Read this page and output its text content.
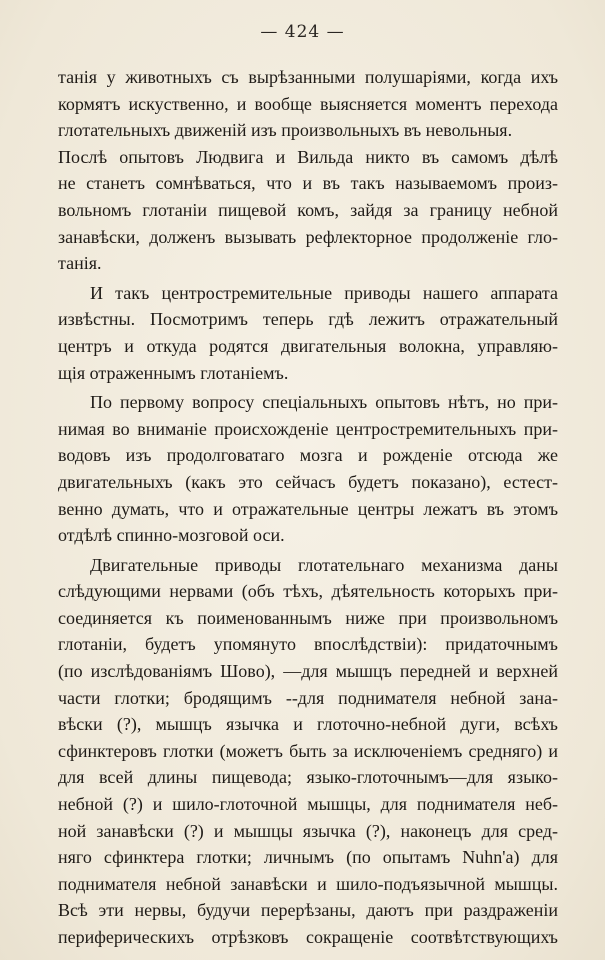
— 424 —
танія у животныхъ съ вырѣзанными полушаріями, когда ихъ
кормятъ искуственно, и вообще выясняется моментъ перехода
глотательныхъ движеній изъ произвольныхъ въ невольныя.
Послѣ опытовъ Людвига и Вильда никто въ самомъ дѣлѣ
не станетъ сомнѣваться, что и въ такъ называемомъ произ-
вольномъ глотаніи пищевой комъ, зайдя за границу небной
занавѣски, долженъ вызывать рефлекторное продолженіе гло-
танія.
И такъ центростремительные приводы нашего аппарата
извѣстны. Посмотримъ теперь гдѣ лежитъ отражательный
центръ и откуда родятся двигательныя волокна, управляю-
щія отраженнымъ глотаніемъ.
По первому вопросу спеціальныхъ опытовъ нѣтъ, но при-
нимая во вниманіе происхожденіе центростремительныхъ при-
водовъ изъ продолговатаго мозга и рожденіе отсюда же
двигательныхъ (какъ это сейчасъ будетъ показано), естест-
венно думать, что и отражательные центры лежатъ въ этомъ
отдѣлѣ спинно-мозговой оси.
Двигательные приводы глотательнаго механизма даны
слѣдующими нервами (объ тѣхъ, дѣятельность которыхъ при-
соединяется къ поименованнымъ ниже при произвольномъ
глотаніи, будетъ упомянуто впослѣдствіи): придаточнымъ
(по изслѣдованіямъ Шово), —для мышцъ передней и верхней
части глотки; бродящимъ --для поднимателя небной зана-
вѣски (?), мышцъ язычка и глоточно-небной дуги, всѣхъ
сфинктеровъ глотки (можетъ быть за исключеніемъ средняго) и
для всей длины пищевода; языко-глоточнымъ—для языко-
небной (?) и шило-глоточной мышцы, для поднимателя неб-
ной занавѣски (?) и мышцы язычка (?), наконецъ для сред-
няго сфинктера глотки; личнымъ (по опытамъ Nuhn'a) для
поднимателя небной занавѣски и шило-подъязычной мышцы.
Всѣ эти нервы, будучи перерѣзаны, даютъ при раздраженіи
периферическихъ отрѣзковъ сокращеніе соотвѣтствующихъ
